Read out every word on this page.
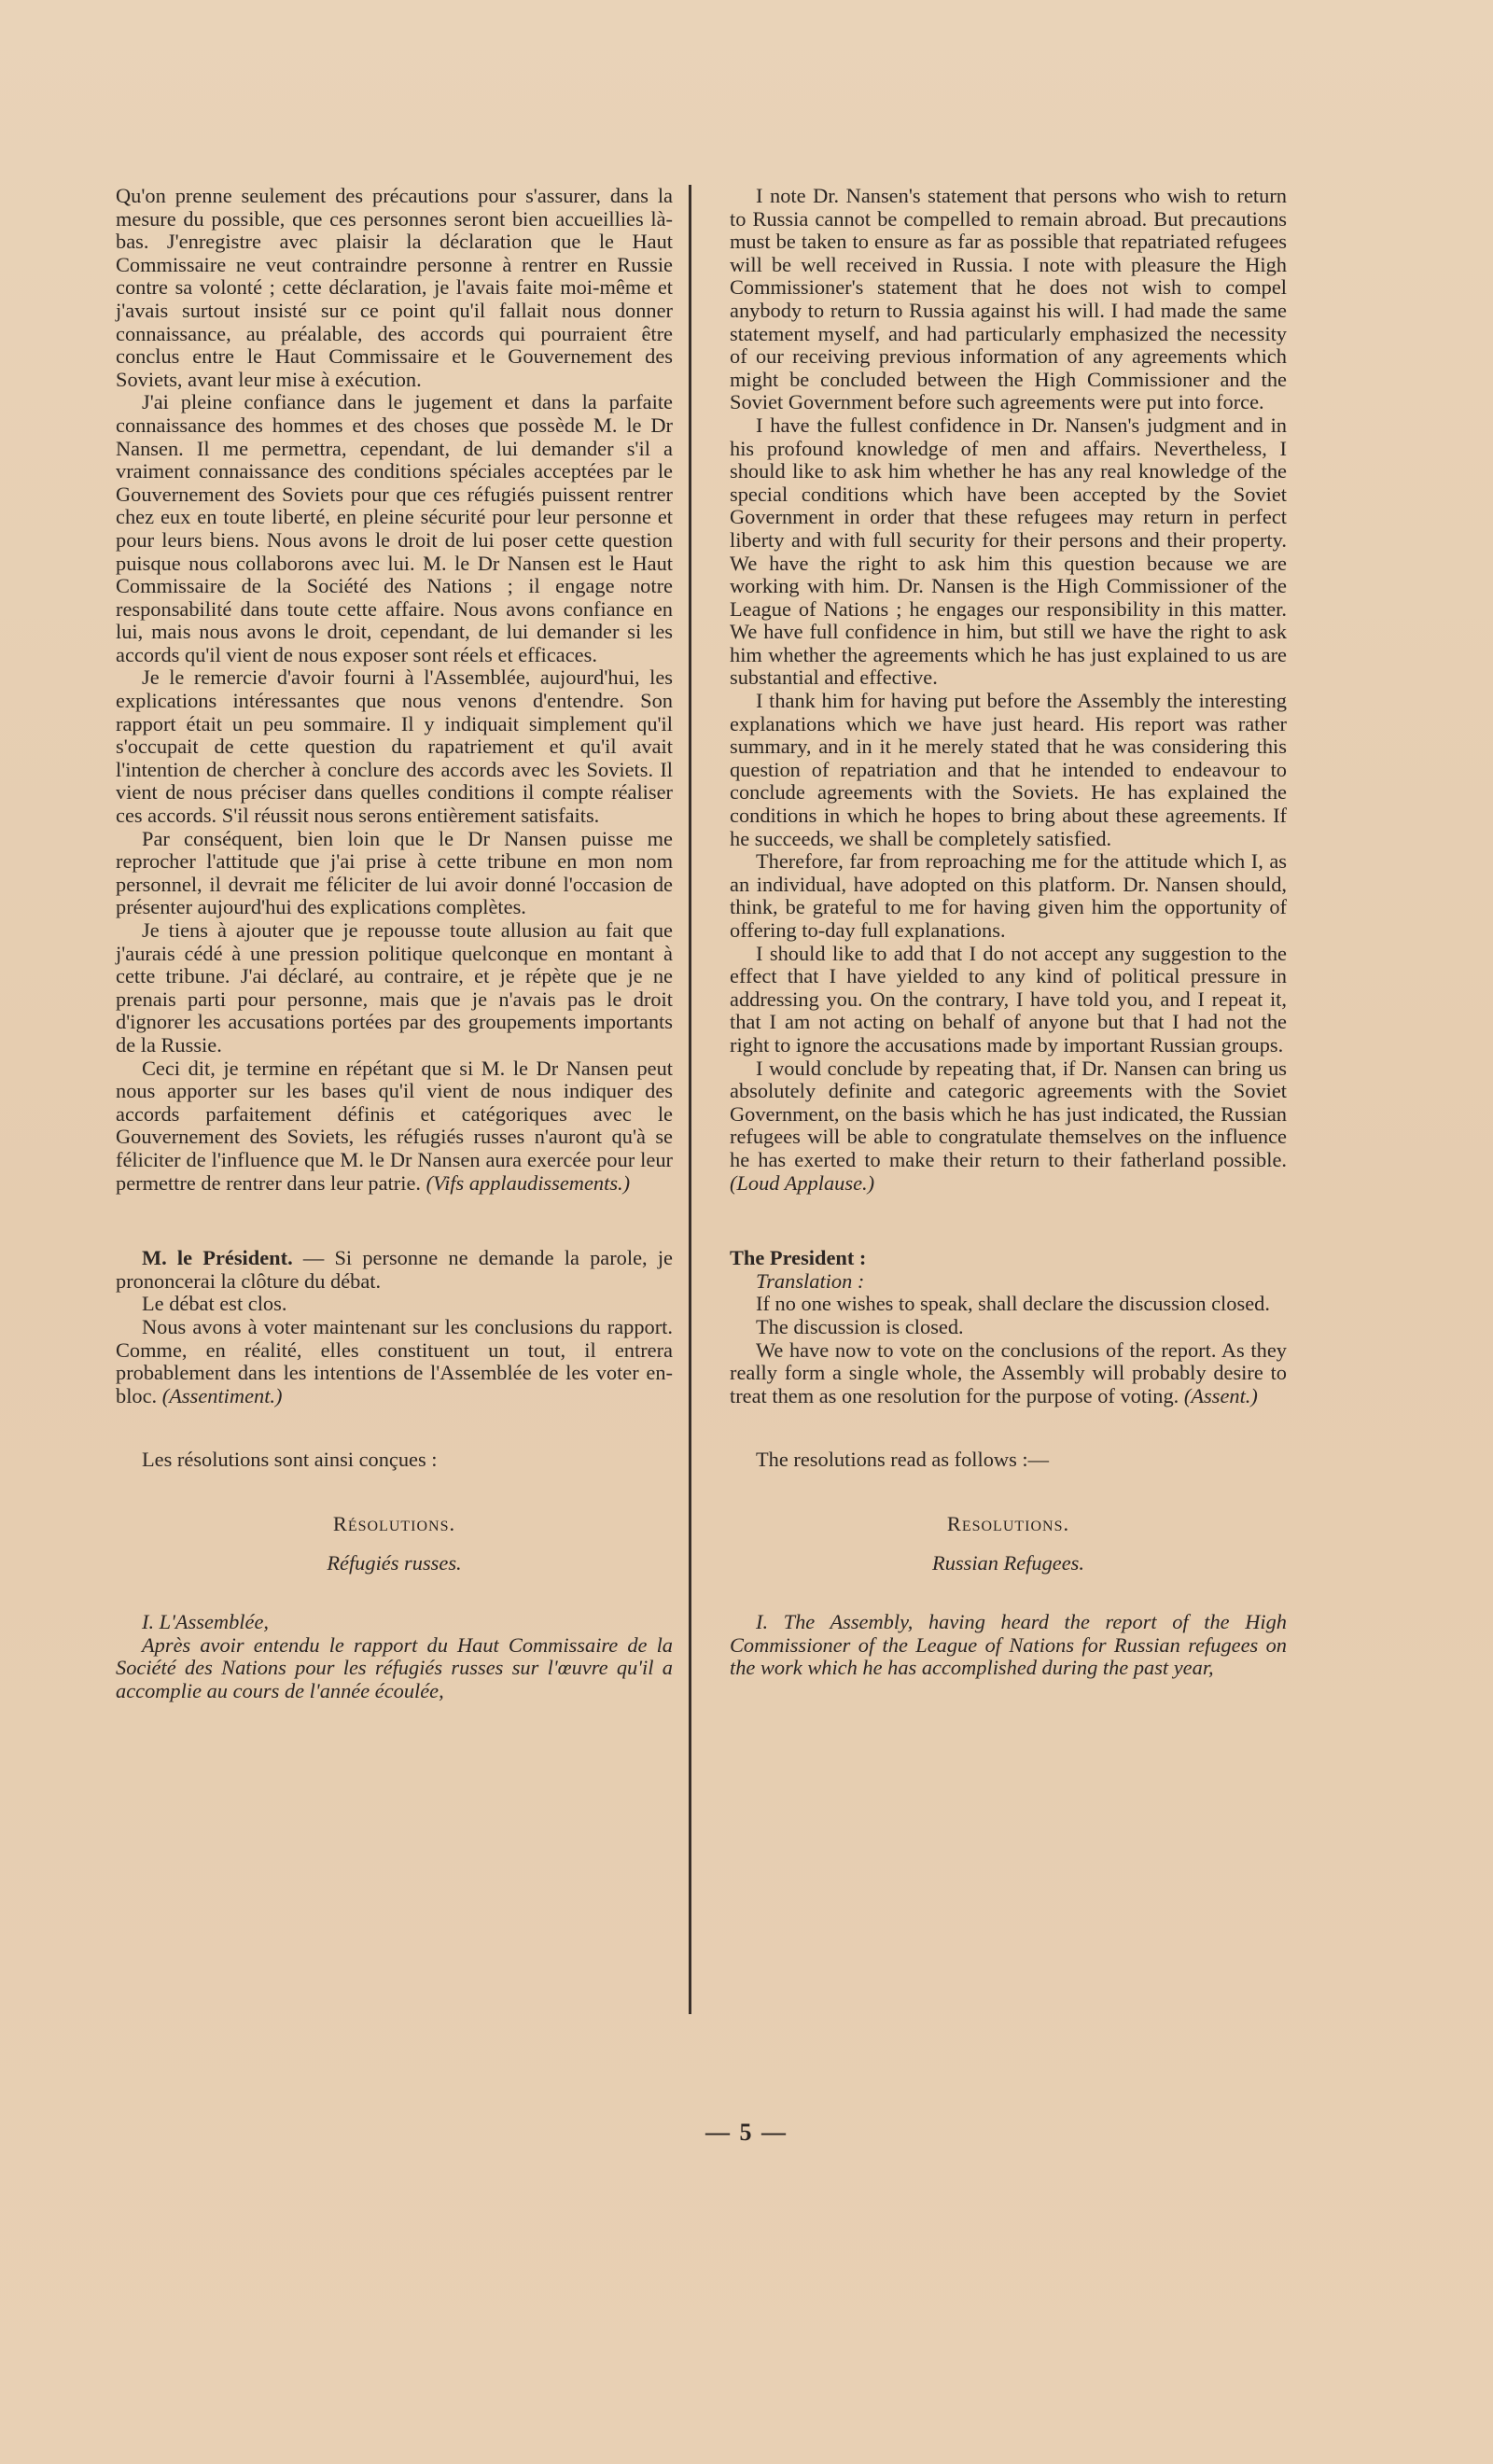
Qu'on prenne seulement des précautions pour s'assurer, dans la mesure du possible, que ces personnes seront bien accueillies là-bas. J'enregistre avec plaisir la déclaration que le Haut Commissaire ne veut contraindre personne à rentrer en Russie contre sa volonté ; cette déclaration, je l'avais faite moi-même et j'avais surtout insisté sur ce point qu'il fallait nous donner connaissance, au préalable, des accords qui pourraient être conclus entre le Haut Commissaire et le Gouvernement des Soviets, avant leur mise à exécution.

J'ai pleine confiance dans le jugement et dans la parfaite connaissance des hommes et des choses que possède M. le Dr Nansen. Il me permettra, cependant, de lui demander s'il a vraiment connaissance des conditions spéciales acceptées par le Gouvernement des Soviets pour que ces réfugiés puissent rentrer chez eux en toute liberté, en pleine sécurité pour leur personne et pour leurs biens. Nous avons le droit de lui poser cette question puisque nous collaborons avec lui. M. le Dr Nansen est le Haut Commissaire de la Société des Nations ; il engage notre responsabilité dans toute cette affaire. Nous avons confiance en lui, mais nous avons le droit, cependant, de lui demander si les accords qu'il vient de nous exposer sont réels et efficaces.

Je le remercie d'avoir fourni à l'Assemblée, aujourd'hui, les explications intéressantes que nous venons d'entendre. Son rapport était un peu sommaire. Il y indiquait simplement qu'il s'occupait de cette question du rapatriement et qu'il avait l'intention de chercher à conclure des accords avec les Soviets. Il vient de nous préciser dans quelles conditions il compte réaliser ces accords. S'il réussit nous serons entièrement satisfaits.

Par conséquent, bien loin que le Dr Nansen puisse me reprocher l'attitude que j'ai prise à cette tribune en mon nom personnel, il devrait me féliciter de lui avoir donné l'occasion de présenter aujourd'hui des explications complètes.

Je tiens à ajouter que je repousse toute allusion au fait que j'aurais cédé à une pression politique quelconque en montant à cette tribune. J'ai déclaré, au contraire, et je répète que je ne prenais parti pour personne, mais que je n'avais pas le droit d'ignorer les accusations portées par des groupements importants de la Russie.

Ceci dit, je termine en répétant que si M. le Dr Nansen peut nous apporter sur les bases qu'il vient de nous indiquer des accords parfaitement définis et catégoriques avec le Gouvernement des Soviets, les réfugiés russes n'auront qu'à se féliciter de l'influence que M. le Dr Nansen aura exercée pour leur permettre de rentrer dans leur patrie. (Vifs applaudissements.)

M. le Président. — Si personne ne demande la parole, je prononcerai la clôture du débat.

Le débat est clos.

Nous avons à voter maintenant sur les conclusions du rapport. Comme, en réalité, elles constituent un tout, il entrera probablement dans les intentions de l'Assemblée de les voter en-bloc. (Assentiment.)

Les résolutions sont ainsi conçues :

Résolutions.

Réfugiés russes.

I. L'Assemblée,

Après avoir entendu le rapport du Haut Commissaire de la Société des Nations pour les réfugiés russes sur l'œuvre qu'il a accomplie au cours de l'année écoulée,

I note Dr. Nansen's statement that persons who wish to return to Russia cannot be compelled to remain abroad. But precautions must be taken to ensure as far as possible that repatriated refugees will be well received in Russia. I note with pleasure the High Commissioner's statement that he does not wish to compel anybody to return to Russia against his will. I had made the same statement myself, and had particularly emphasized the necessity of our receiving previous information of any agreements which might be concluded between the High Commissioner and the Soviet Government before such agreements were put into force.

I have the fullest confidence in Dr. Nansen's judgment and in his profound knowledge of men and affairs. Nevertheless, I should like to ask him whether he has any real knowledge of the special conditions which have been accepted by the Soviet Government in order that these refugees may return in perfect liberty and with full security for their persons and their property. We have the right to ask him this question because we are working with him. Dr. Nansen is the High Commissioner of the League of Nations ; he engages our responsibility in this matter. We have full confidence in him, but still we have the right to ask him whether the agreements which he has just explained to us are substantial and effective.

I thank him for having put before the Assembly the interesting explanations which we have just heard. His report was rather summary, and in it he merely stated that he was considering this question of repatriation and that he intended to endeavour to conclude agreements with the Soviets. He has explained the conditions in which he hopes to bring about these agreements. If he succeeds, we shall be completely satisfied.

Therefore, far from reproaching me for the attitude which I, as an individual, have adopted on this platform. Dr. Nansen should, think, be grateful to me for having given him the opportunity of offering to-day full explanations.

I should like to add that I do not accept any suggestion to the effect that I have yielded to any kind of political pressure in addressing you. On the contrary, I have told you, and I repeat it, that I am not acting on behalf of anyone but that I had not the right to ignore the accusations made by important Russian groups.

I would conclude by repeating that, if Dr. Nansen can bring us absolutely definite and categoric agreements with the Soviet Government, on the basis which he has just indicated, the Russian refugees will be able to congratulate themselves on the influence he has exerted to make their return to their fatherland possible. (Loud Applause.)

The President :

Translation :

If no one wishes to speak, shall declare the discussion closed.

The discussion is closed.

We have now to vote on the conclusions of the report. As they really form a single whole, the Assembly will probably desire to treat them as one resolution for the purpose of voting. (Assent.)

The resolutions read as follows :—

Resolutions.

Russian Refugees.

I. The Assembly, having heard the report of the High Commissioner of the League of Nations for Russian refugees on the work which he has accomplished during the past year,

— 5 —
